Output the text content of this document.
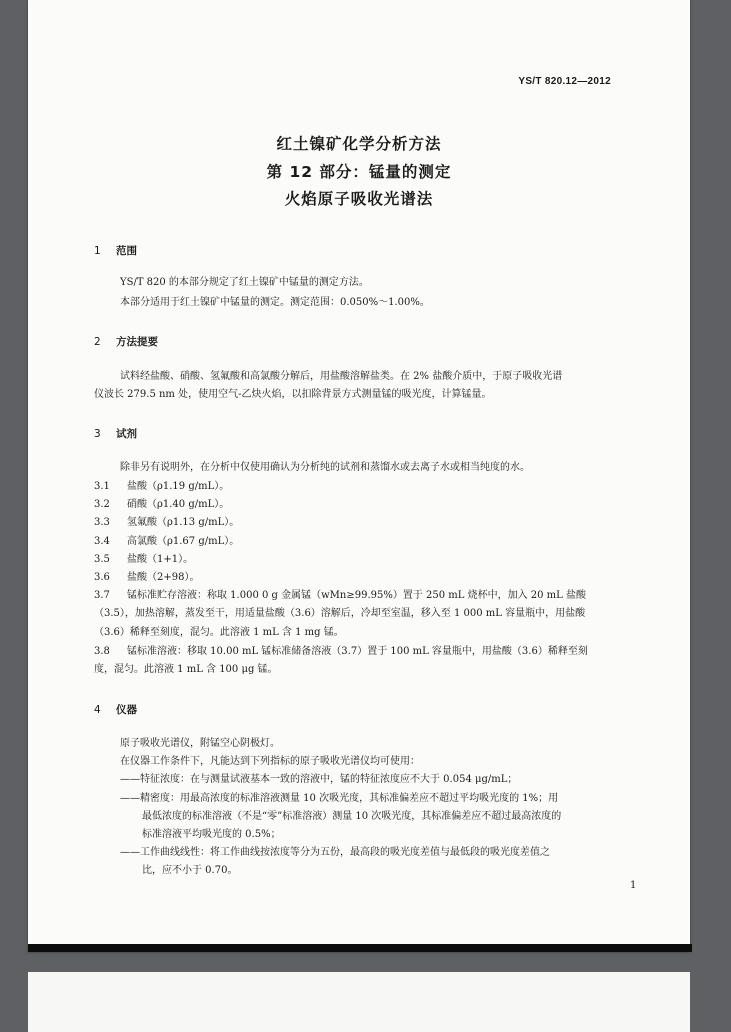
YS/T 820.12—2012
红土镍矿化学分析方法
第 12 部分：锰量的测定
火焰原子吸收光谱法
1 范围
YS/T 820 的本部分规定了红土镍矿中锰量的测定方法。
本部分适用于红土镍矿中锰量的测定。测定范围：0.050%～1.00%。
2 方法提要
试料经盐酸、硝酸、氢氟酸和高氯酸分解后，用盐酸溶解盐类。在 2% 盐酸介质中，于原子吸收光谱
仪波长 279.5 nm 处，使用空气-乙炔火焰，以扣除背景方式测量锰的吸光度，计算锰量。
3 试剂
除非另有说明外，在分析中仅使用确认为分析纯的试剂和蒸馏水或去离子水或相当纯度的水。
3.1 盐酸（ρ1.19 g/mL）。
3.2 硝酸（ρ1.40 g/mL）。
3.3 氢氟酸（ρ1.13 g/mL）。
3.4 高氯酸（ρ1.67 g/mL）。
3.5 盐酸（1+1）。
3.6 盐酸（2+98）。
3.7 锰标准贮存溶液：称取 1.000 0 g 金属锰（wMn≥99.95%）置于 250 mL 烧杯中，加入 20 mL 盐酸
（3.5），加热溶解，蒸发至干，用适量盐酸（3.6）溶解后，冷却至室温，移入至 1 000 mL 容量瓶中，用盐酸
（3.6）稀释至刻度，混匀。此溶液 1 mL 含 1 mg 锰。
3.8 锰标准溶液：移取 10.00 mL 锰标准储备溶液（3.7）置于 100 mL 容量瓶中，用盐酸（3.6）稀释至刻
度，混匀。此溶液 1 mL 含 100 μg 锰。
4 仪器
原子吸收光谱仪，附锰空心阴极灯。
在仪器工作条件下，凡能达到下列指标的原子吸收光谱仪均可使用：
——特征浓度：在与测量试液基本一致的溶液中，锰的特征浓度应不大于 0.054 μg/mL；
——精密度：用最高浓度的标准溶液测量 10 次吸光度，其标准偏差应不超过平均吸光度的 1%；用
最低浓度的标准溶液（不是“零”标准溶液）测量 10 次吸光度，其标准偏差应不超过最高浓度的
标准溶液平均吸光度的 0.5%；
——工作曲线线性：将工作曲线按浓度等分为五份，最高段的吸光度差值与最低段的吸光度差值之
比，应不小于 0.70。
1
